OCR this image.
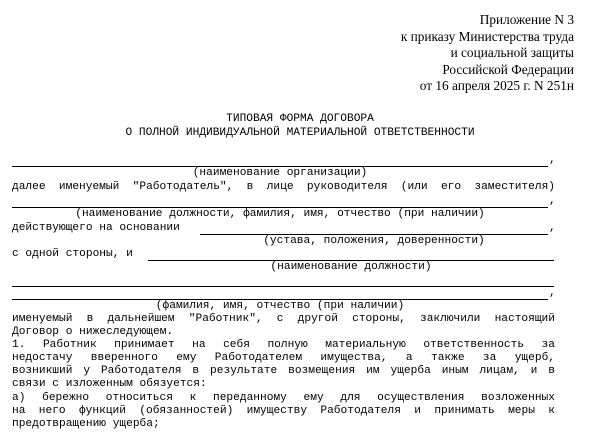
Приложение N 3
к приказу Министерства труда
и социальной защиты
Российской Федерации
от 16 апреля 2025 г. N 251н
ТИПОВАЯ ФОРМА ДОГОВОРА
О ПОЛНОЙ ИНДИВИДУАЛЬНОЙ МАТЕРИАЛЬНОЙ ОТВЕТСТВЕННОСТИ
,
(наименование организации)
далее именуемый "Работодатель", в лице руководителя (или его заместителя)
,
(наименование должности, фамилия, имя, отчество (при наличии)
действующего на основании	,
(устава, положения, доверенности)
с одной стороны, и
(наименование должности)
,
(фамилия, имя, отчество (при наличии)
именуемый в дальнейшем "Работник", с другой стороны, заключили настоящий
Договор о нижеследующем.
1. Работник принимает на себя полную материальную ответственность за
недостачу вверенного ему Работодателем имущества, а также за ущерб,
возникший у Работодателя в результате возмещения им ущерба иным лицам, и в
связи с изложенным обязуется:
а) бережно относиться к переданному ему для осуществления возложенных
на него функций (обязанностей) имуществу Работодателя и принимать меры к
предотвращению ущерба;
